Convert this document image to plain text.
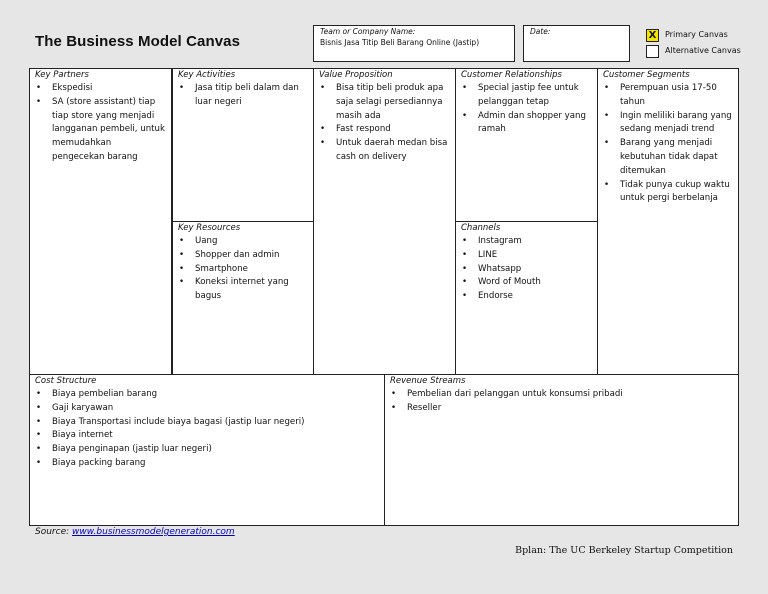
The Business Model Canvas
Team or Company Name:
Bisnis Jasa Titip Beli Barang Online (Jastip)
Date:	X	Primary Canvas
Alternative Canvas
Key Partners
• Ekspedisi
• SA (store assistant) tiap tiap store yang menjadi langganan pembeli, untuk memudahkan pengecekan barang
Key Activities
• Jasa titip beli dalam dan luar negeri
Key Resources
• Uang
• Shopper dan admin
• Smartphone
• Koneksi internet yang bagus
Value Proposition
• Bisa titip beli produk apa saja selagi persediannya masih ada
• Fast respond
• Untuk daerah medan bisa cash on delivery
Customer Relationships
• Special jastip fee untuk pelanggan tetap
• Admin dan shopper yang ramah
Channels
• Instagram
• LINE
• Whatsapp
• Word of Mouth
• Endorse
Customer Segments
• Perempuan usia 17-50 tahun
• Ingin meliliki barang yang sedang menjadi trend
• Barang yang menjadi kebutuhan tidak dapat ditemukan
• Tidak punya cukup waktu untuk pergi berbelanja
Cost Structure
• Biaya pembelian barang
• Gaji karyawan
• Biaya Transportasi include biaya bagasi (jastip luar negeri)
• Biaya internet
• Biaya penginapan (jastip luar negeri)
• Biaya packing barang
Revenue Streams
• Pembelian dari pelanggan untuk konsumsi pribadi
• Reseller
Source: www.businessmodelgeneration.com
Bplan: The UC Berkeley Startup Competition
